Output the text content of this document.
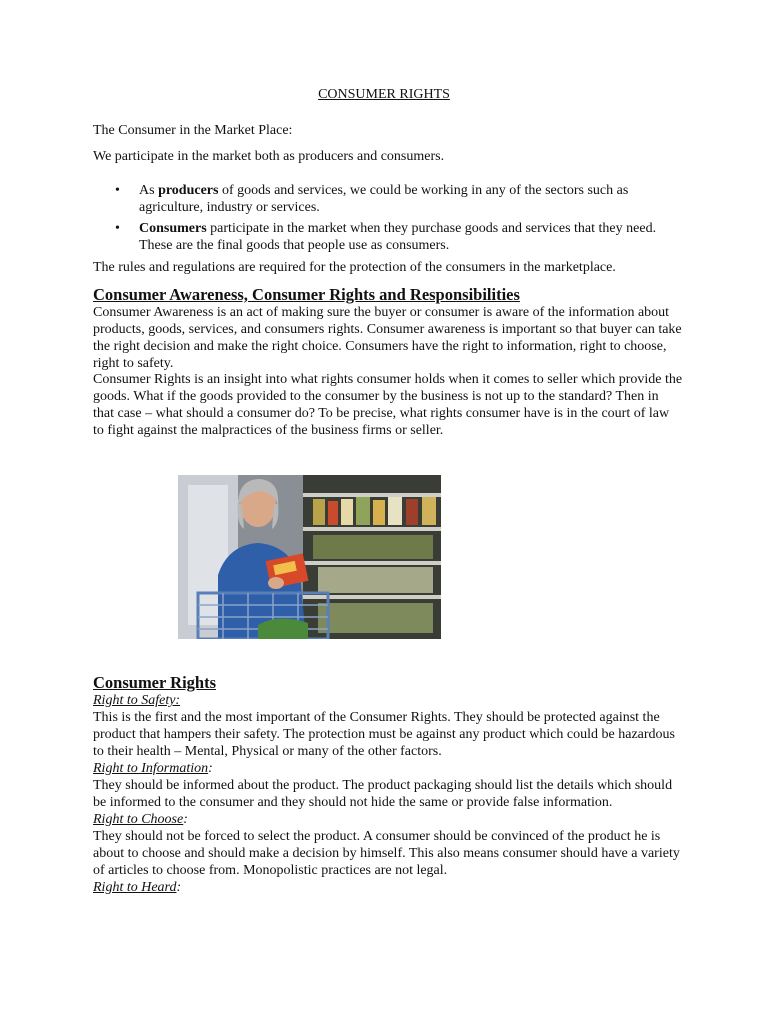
CONSUMER RIGHTS

The Consumer in the Market Place:

We participate in the market both as producers and consumers.

• As producers of goods and services, we could be working in any of the sectors such as agriculture, industry or services.
• Consumers participate in the market when they purchase goods and services that they need. These are the final goods that people use as consumers.

The rules and regulations are required for the protection of the consumers in the marketplace.

Consumer Awareness, Consumer Rights and Responsibilities

Consumer Awareness is an act of making sure the buyer or consumer is aware of the information about products, goods, services, and consumers rights. Consumer awareness is important so that buyer can take the right decision and make the right choice. Consumers have the right to information, right to choose, right to safety.

Consumer Rights is an insight into what rights consumer holds when it comes to seller which provide the goods. What if the goods provided to the consumer by the business is not up to the standard? Then in that case – what should a consumer do? To be precise, what rights consumer have is in the court of law to fight against the malpractices of the business firms or seller.

Consumer Rights

Right to Safety:

This is the first and the most important of the Consumer Rights. They should be protected against the product that hampers their safety. The protection must be against any product which could be hazardous to their health – Mental, Physical or many of the other factors.

Right to Information:

They should be informed about the product. The product packaging should list the details which should be informed to the consumer and they should not hide the same or provide false information.

Right to Choose:

They should not be forced to select the product. A consumer should be convinced of the product he is about to choose and should make a decision by himself. This also means consumer should have a variety of articles to choose from. Monopolistic practices are not legal.

Right to Heard:
